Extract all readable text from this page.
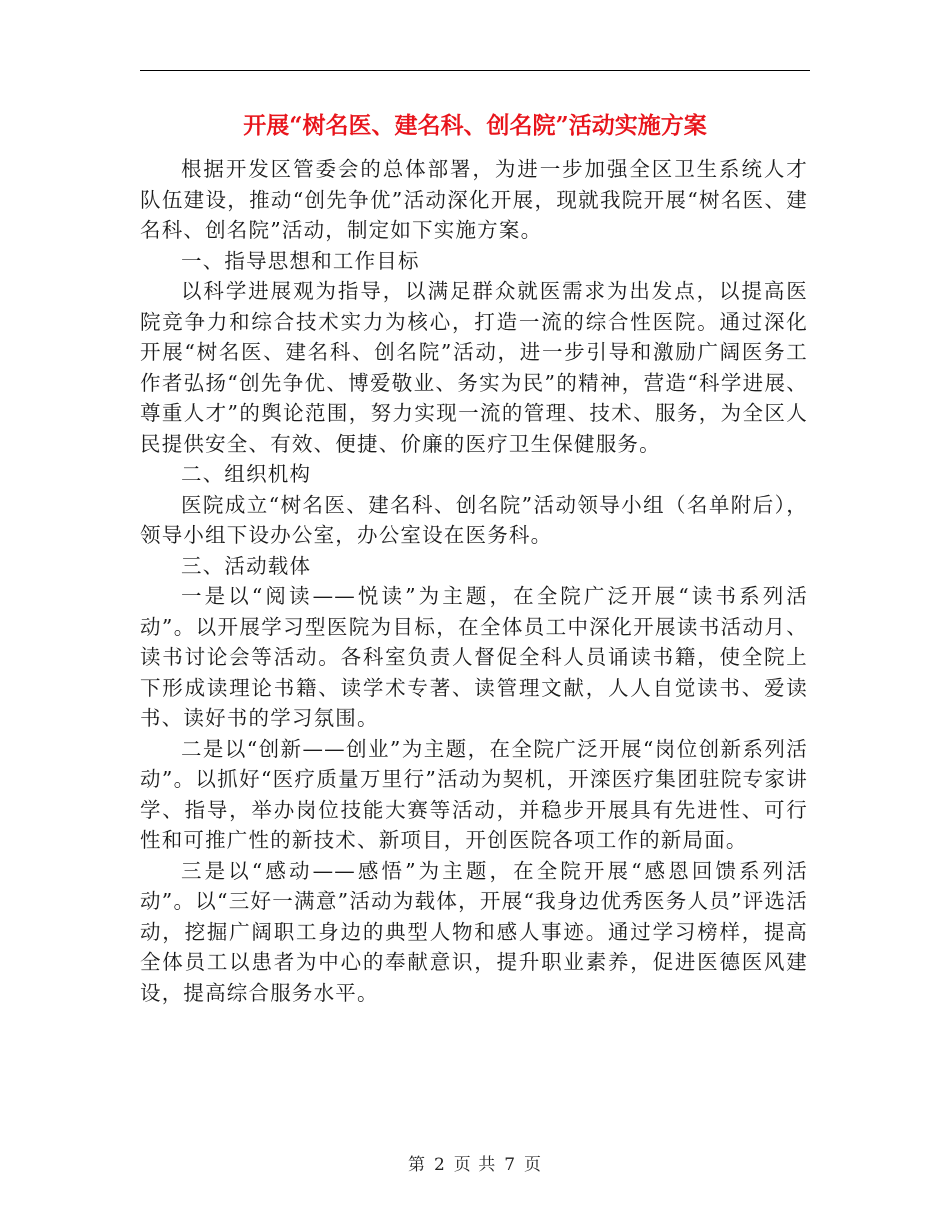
开展“树名医、建名科、创名院”活动实施方案

根据开发区管委会的总体部署，为进一步加强全区卫生系统人才队伍建设，推动“创先争优”活动深化开展，现就我院开展“树名医、建名科、创名院”活动，制定如下实施方案。

一、指导思想和工作目标

以科学进展观为指导，以满足群众就医需求为出发点，以提高医院竞争力和综合技术实力为核心，打造一流的综合性医院。通过深化开展“树名医、建名科、创名院”活动，进一步引导和激励广阔医务工作者弘扬“创先争优、博爱敬业、务实为民”的精神，营造“科学进展、尊重人才”的舆论范围，努力实现一流的管理、技术、服务，为全区人民提供安全、有效、便捷、价廉的医疗卫生保健服务。

二、组织机构

医院成立“树名医、建名科、创名院”活动领导小组（名单附后），领导小组下设办公室，办公室设在医务科。

三、活动载体

一是以“阅读——悦读”为主题，在全院广泛开展“读书系列活动”。以开展学习型医院为目标，在全体员工中深化开展读书活动月、读书讨论会等活动。各科室负责人督促全科人员诵读书籍，使全院上下形成读理论书籍、读学术专著、读管理文献，人人自觉读书、爱读书、读好书的学习氛围。

二是以“创新——创业”为主题，在全院广泛开展“岗位创新系列活动”。以抓好“医疗质量万里行”活动为契机，开滦医疗集团驻院专家讲学、指导，举办岗位技能大赛等活动，并稳步开展具有先进性、可行性和可推广性的新技术、新项目，开创医院各项工作的新局面。

三是以“感动——感悟”为主题，在全院开展“感恩回馈系列活动”。以“三好一满意”活动为载体，开展“我身边优秀医务人员”评选活动，挖掘广阔职工身边的典型人物和感人事迹。通过学习榜样，提高全体员工以患者为中心的奉献意识，提升职业素养，促进医德医风建设，提高综合服务水平。

第 2 页 共 7 页
